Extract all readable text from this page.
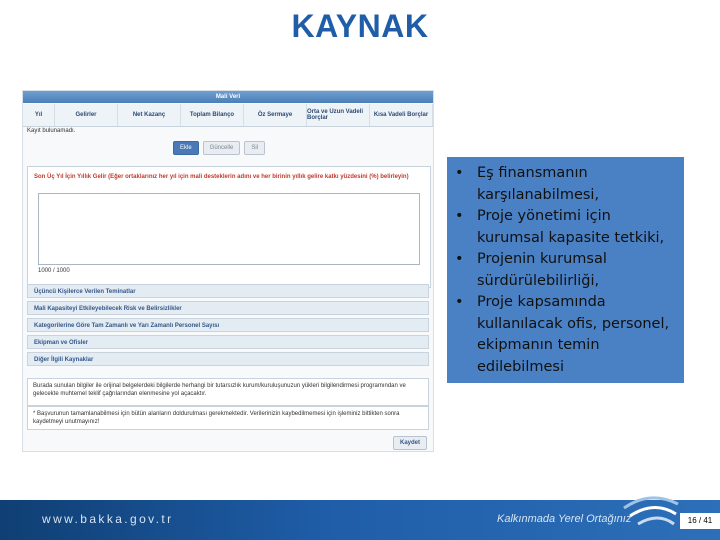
KAYNAK
Mali Veri
Yıl	Gelirler	Net Kazanç	Toplam Bilanço	Öz Sermaye	Orta ve Uzun Vadeli Borçlar	Kısa Vadeli Borçlar
Kayıt bulunamadı.
Ekle	Güncelle	Sil
Son Üç Yıl İçin Yıllık Gelir (Eğer ortaklarınız her yıl için mali desteklerin adını ve her birinin yıllık gelire katkı yüzdesini (%) belirleyin)
1000 / 1000
Üçüncü Kişilerce Verilen Teminatlar
Mali Kapasiteyi Etkileyebilecek Risk ve Belirsizlikler
Kategorilerine Göre Tam Zamanlı ve Yarı Zamanlı Personel Sayısı
Ekipman ve Ofisler
Diğer İlgili Kaynaklar
Burada sunulan bilgiler ile orijinal belgelerdeki bilgilerde herhangi bir tutarsızlık kurum/kuruluşunuzun yükleri bilgilendirmesi programından ve gelecekte muhtemel teklif çağrılarından elenmesine yol açacaktır.
* Başvurunun tamamlanabilmesi için bütün alanların doldurulması gerekmektedir. Verilerinizin kaybedilmemesi için işleminiz bittikten sonra kaydetmeyi unutmayınız!
Kaydet
• Eş finansmanın karşılanabilmesi,
• Proje yönetimi için kurumsal kapasite tetkiki,
• Projenin kurumsal sürdürülebilirliği,
• Proje kapsamında kullanılacak ofis, personel, ekipmanın temin edilebilmesi
www.bakka.gov.tr	Kalkınmada Yerel Ortağınız	16 / 41
